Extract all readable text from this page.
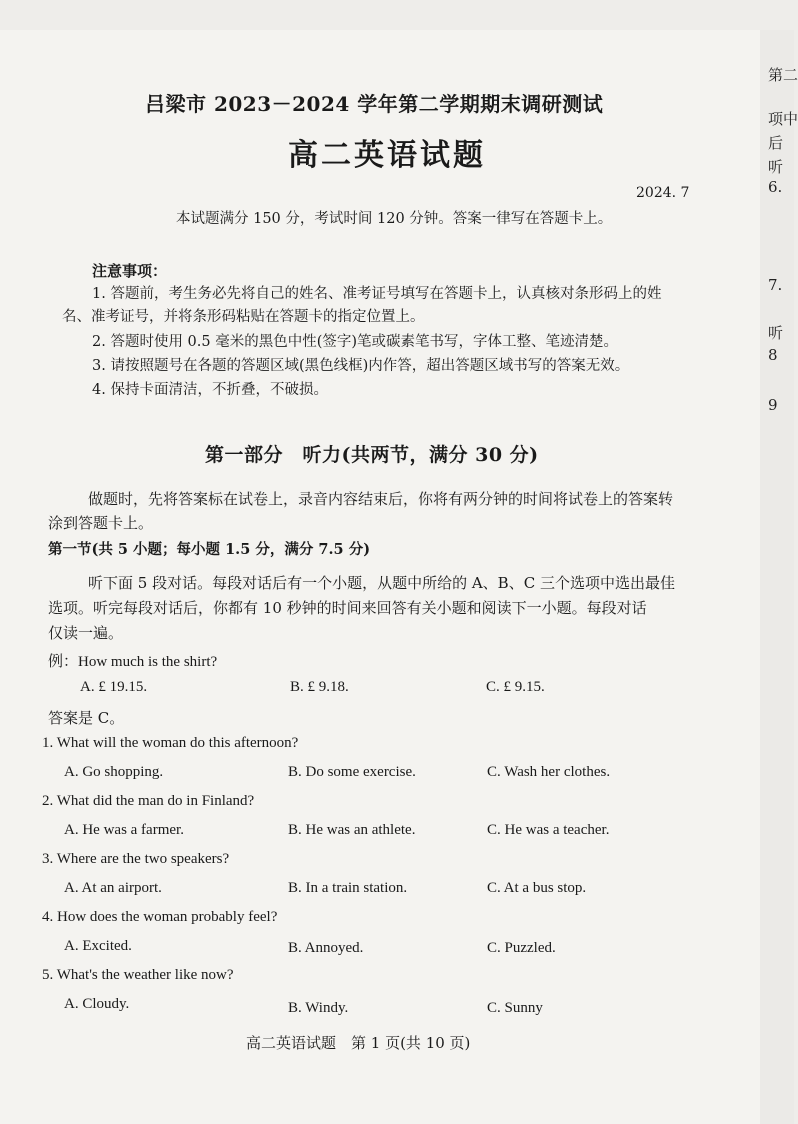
第二
项中
后
听
6.
7.
听
8
9
吕梁市 2023－2024 学年第二学期期末调研测试
高二英语试题
2024. 7
本试题满分 150 分，考试时间 120 分钟。答案一律写在答题卡上。
注意事项：
1. 答题前，考生务必先将自己的姓名、准考证号填写在答题卡上，认真核对条形码上的姓
名、准考证号，并将条形码粘贴在答题卡的指定位置上。
2. 答题时使用 0.5 毫米的黑色中性(签字)笔或碳素笔书写，字体工整、笔迹清楚。
3. 请按照题号在各题的答题区域(黑色线框)内作答，超出答题区域书写的答案无效。
4. 保持卡面清洁，不折叠，不破损。
第一部分　听力(共两节，满分 30 分)
做题时，先将答案标在试卷上，录音内容结束后，你将有两分钟的时间将试卷上的答案转
涂到答题卡上。
第一节(共 5 小题；每小题 1.5 分，满分 7.5 分)
听下面 5 段对话。每段对话后有一个小题，从题中所给的 A、B、C 三个选项中选出最佳
选项。听完每段对话后，你都有 10 秒钟的时间来回答有关小题和阅读下一小题。每段对话
仅读一遍。
例：How much is the shirt?
A. £ 19.15.	B. £ 9.18.	C. £ 9.15.
答案是 C。
1. What will the woman do this afternoon?
A. Go shopping.	B. Do some exercise.	C. Wash her clothes.
2. What did the man do in Finland?
A. He was a farmer.	B. He was an athlete.	C. He was a teacher.
3. Where are the two speakers?
A. At an airport.	B. In a train station.	C. At a bus stop.
4. How does the woman probably feel?
A. Excited.	B. Annoyed.	C. Puzzled.
5. What's the weather like now?
A. Cloudy.	B. Windy.	C. Sunny
高二英语试题　第 1 页(共 10 页)
